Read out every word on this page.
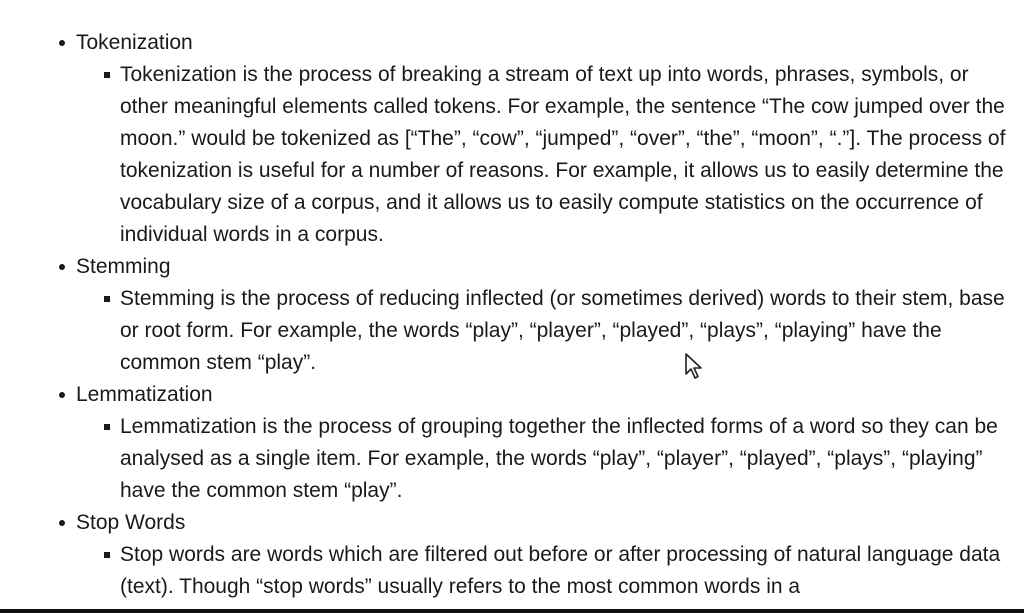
Tokenization
Tokenization is the process of breaking a stream of text up into words, phrases, symbols, or other meaningful elements called tokens. For example, the sentence “The cow jumped over the moon.” would be tokenized as [“The”, “cow”, “jumped”, “over”, “the”, “moon”, “.”]. The process of tokenization is useful for a number of reasons. For example, it allows us to easily determine the vocabulary size of a corpus, and it allows us to easily compute statistics on the occurrence of individual words in a corpus.
Stemming
Stemming is the process of reducing inflected (or sometimes derived) words to their stem, base or root form. For example, the words “play”, “player”, “played”, “plays”, “playing” have the common stem “play”.
Lemmatization
Lemmatization is the process of grouping together the inflected forms of a word so they can be analysed as a single item. For example, the words “play”, “player”, “played”, “plays”, “playing” have the common stem “play”.
Stop Words
Stop words are words which are filtered out before or after processing of natural language data (text). Though “stop words” usually refers to the most common words in a
